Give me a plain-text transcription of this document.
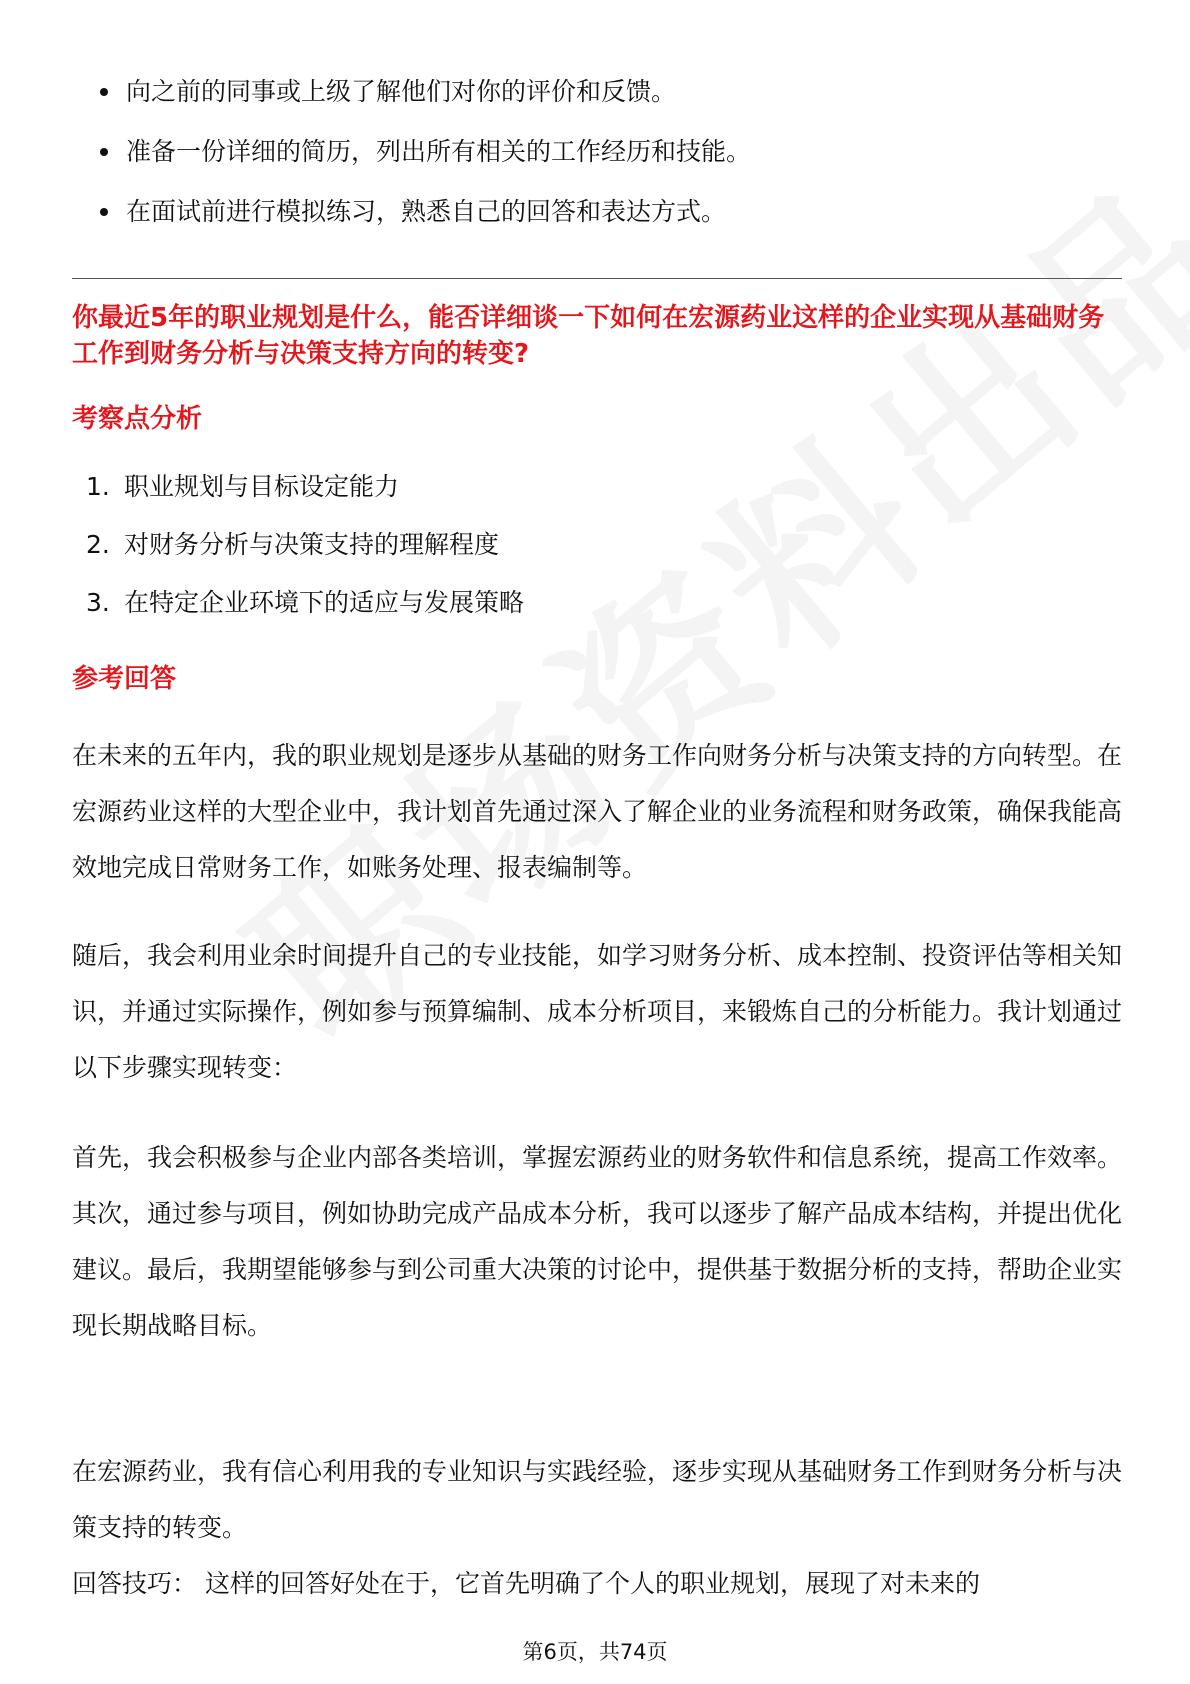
向之前的同事或上级了解他们对你的评价和反馈。
准备一份详细的简历，列出所有相关的工作经历和技能。
在面试前进行模拟练习，熟悉自己的回答和表达方式。
你最近5年的职业规划是什么，能否详细谈一下如何在宏源药业这样的企业实现从基础财务工作到财务分析与决策支持方向的转变?
考察点分析
1. 职业规划与目标设定能力
2. 对财务分析与决策支持的理解程度
3. 在特定企业环境下的适应与发展策略
参考回答

在未来的五年内，我的职业规划是逐步从基础的财务工作向财务分析与决策支持的方向转型。在宏源药业这样的大型企业中，我计划首先通过深入了解企业的业务流程和财务政策，确保我能高效地完成日常财务工作，如账务处理、报表编制等。

随后，我会利用业余时间提升自己的专业技能，如学习财务分析、成本控制、投资评估等相关知识，并通过实际操作，例如参与预算编制、成本分析项目，来锻炼自己的分析能力。我计划通过以下步骤实现转变：

首先，我会积极参与企业内部各类培训，掌握宏源药业的财务软件和信息系统，提高工作效率。其次，通过参与项目，例如协助完成产品成本分析，我可以逐步了解产品成本结构，并提出优化建议。最后，我期望能够参与到公司重大决策的讨论中，提供基于数据分析的支持，帮助企业实现长期战略目标。

在宏源药业，我有信心利用我的专业知识与实践经验，逐步实现从基础财务工作到财务分析与决策支持的转变。

回答技巧： 这样的回答好处在于，它首先明确了个人的职业规划，展现了对未来的

第6页，共74页
